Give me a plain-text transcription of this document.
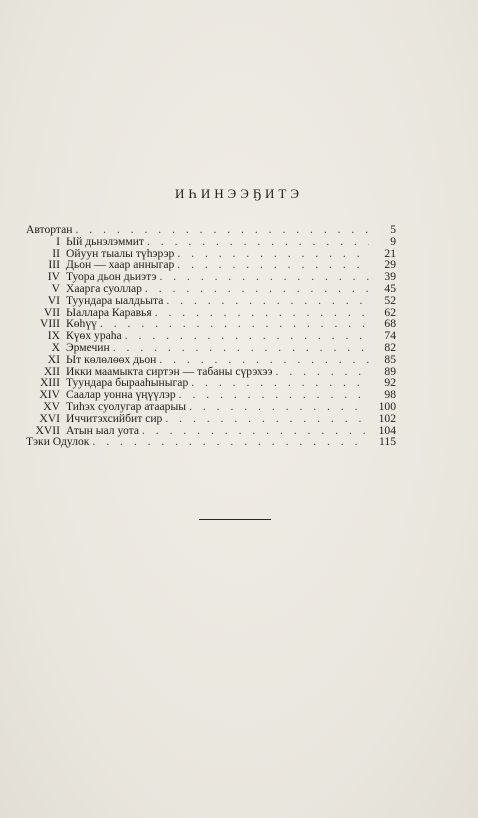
ИҺИНЭЭҔИТЭ
Автортан . . .	5
I Ый дьнэлэммит . . .	9
II Ойуун тыалы түһэрэр . . .	21
III Дьон — хаар анныгар . . .	29
IV Туора дьон дьиэтэ . . .	39
V Хаарга суоллар . . .	45
VI Туундара ыалдьыта . . .	52
VII Ыаллара Каравья . . .	62
VIII Көһүү . . .	68
IX Күөх ураһа . . .	74
X Эрмечин . . .	82
XI Ыт көлөлөөх дьон . . .	85
XII Икки маамыкта сиртэн — табаны сүрэхээ . . .	89
XIII Туундара бырааһыныгар . . .	92
XIV Саалар уонна үңүүлэр . . .	98
XV Тиһэх суолугар атаарыы . . .	100
XVI Иччитэхсийбит сир . . .	102
XVII Атын ыал уота . . .	104
Тэки Одулок . . .	115
